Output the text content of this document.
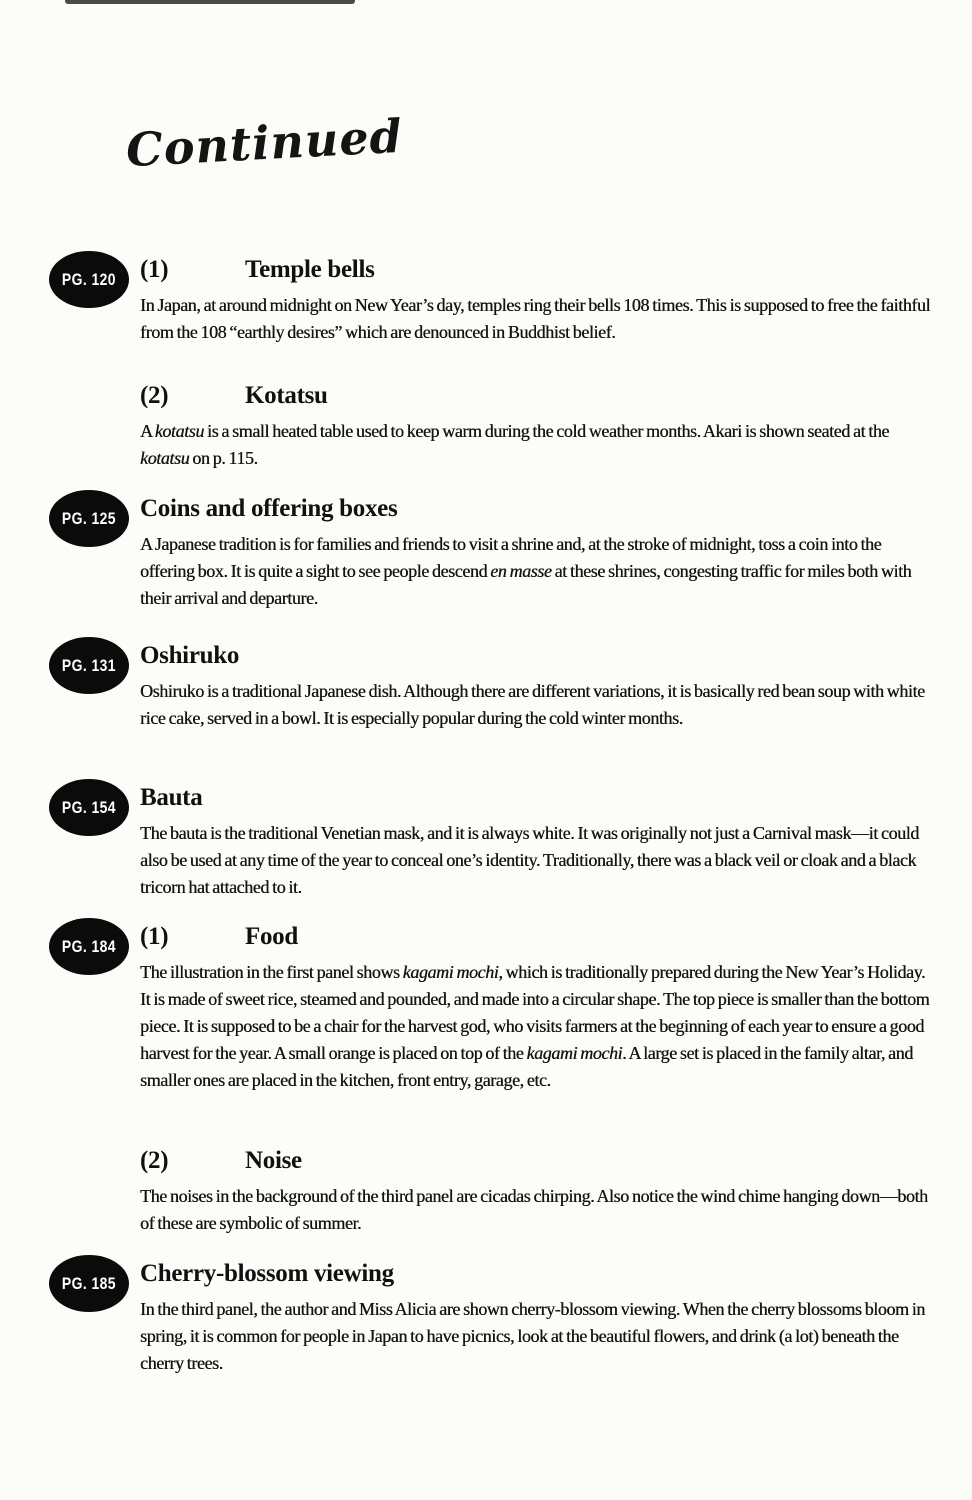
Continued
PG. 120 (1)	Temple bells

In Japan, at around midnight on New Year’s day, temples ring their bells 108 times. This is supposed to free the faithful from the 108 “earthly desires” which are denounced in Buddhist belief.

(2)	Kotatsu

A kotatsu is a small heated table used to keep warm during the cold weather months. Akari is shown seated at the kotatsu on p. 115.

PG. 125 Coins and offering boxes

A Japanese tradition is for families and friends to visit a shrine and, at the stroke of midnight, toss a coin into the offering box. It is quite a sight to see people descend en masse at these shrines, congesting traffic for miles both with their arrival and departure.

PG. 131 Oshiruko

Oshiruko is a traditional Japanese dish. Although there are different variations, it is basically red bean soup with white rice cake, served in a bowl. It is especially popular during the cold winter months.

PG. 154 Bauta

The bauta is the traditional Venetian mask, and it is always white. It was originally not just a Carnival mask—it could also be used at any time of the year to conceal one’s identity. Traditionally, there was a black veil or cloak and a black tricorn hat attached to it.

PG. 184 (1)	Food

The illustration in the first panel shows kagami mochi, which is traditionally prepared during the New Year’s Holiday. It is made of sweet rice, steamed and pounded, and made into a circular shape. The top piece is smaller than the bottom piece. It is supposed to be a chair for the harvest god, who visits farmers at the beginning of each year to ensure a good harvest for the year. A small orange is placed on top of the kagami mochi. A large set is placed in the family altar, and smaller ones are placed in the kitchen, front entry, garage, etc.

(2)	Noise

The noises in the background of the third panel are cicadas chirping. Also notice the wind chime hanging down—both of these are symbolic of summer.

PG. 185 Cherry-blossom viewing

In the third panel, the author and Miss Alicia are shown cherry-blossom viewing. When the cherry blossoms bloom in spring, it is common for people in Japan to have picnics, look at the beautiful flowers, and drink (a lot) beneath the cherry trees.
